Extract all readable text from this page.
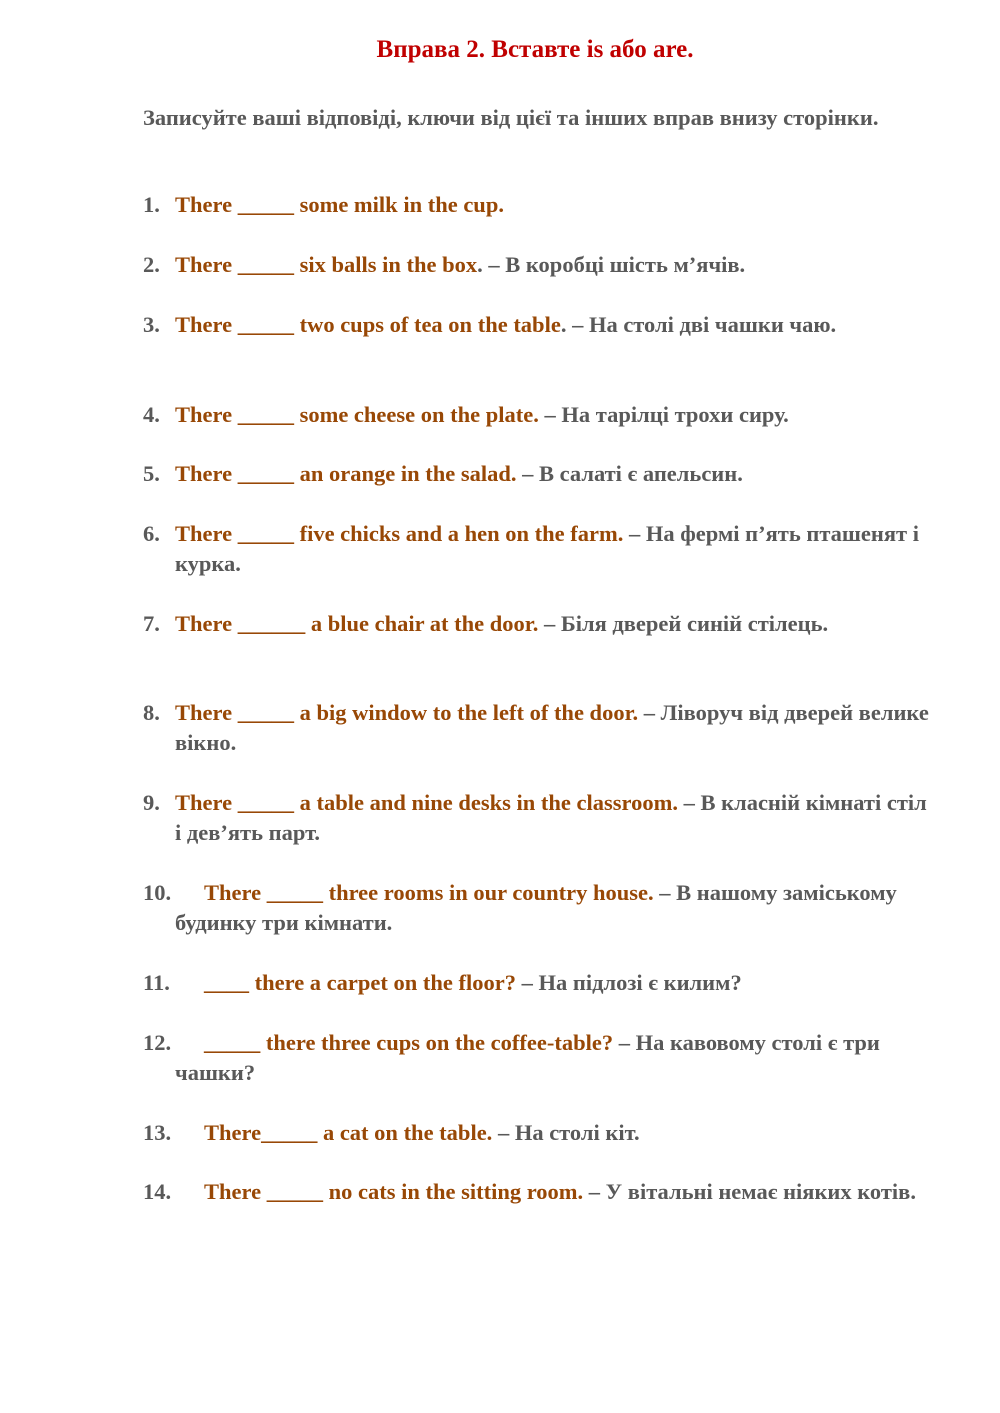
Вправа 2. Вставте is або are.
Записуйте ваші відповіді, ключи від цієї та інших вправ внизу сторінки.
1. There _____ some milk in the cup.
2. There _____ six balls in the box. – В коробці шість м’ячів.
3. There _____ two cups of tea on the table. – На столі дві чашки чаю.
4. There _____ some cheese on the plate. – На тарілці трохи сиру.
5. There _____ an orange in the salad. – В салаті є апельсин.
6. There _____ five chicks and a hen on the farm. – На фермі п’ять пташенят і курка.
7. There ______ a blue chair at the door. – Біля дверей синій стілець.
8. There _____ a big window to the left of the door. – Ліворуч від дверей велике вікно.
9. There _____ a table and nine desks in the classroom. – В класній кімнаті стіл і дев’ять парт.
10.	There _____ three rooms in our country house. – В нашому заміському будинку три кімнати.
11.	____ there a carpet on the floor? – На підлозі є килим?
12.	_____ there three cups on the coffee-table? – На кавовому столі є три чашки?
13.	There_____ a cat on the table. – На столі кіт.
14.	There _____ no cats in the sitting room. – У вітальні немає ніяких котів.
